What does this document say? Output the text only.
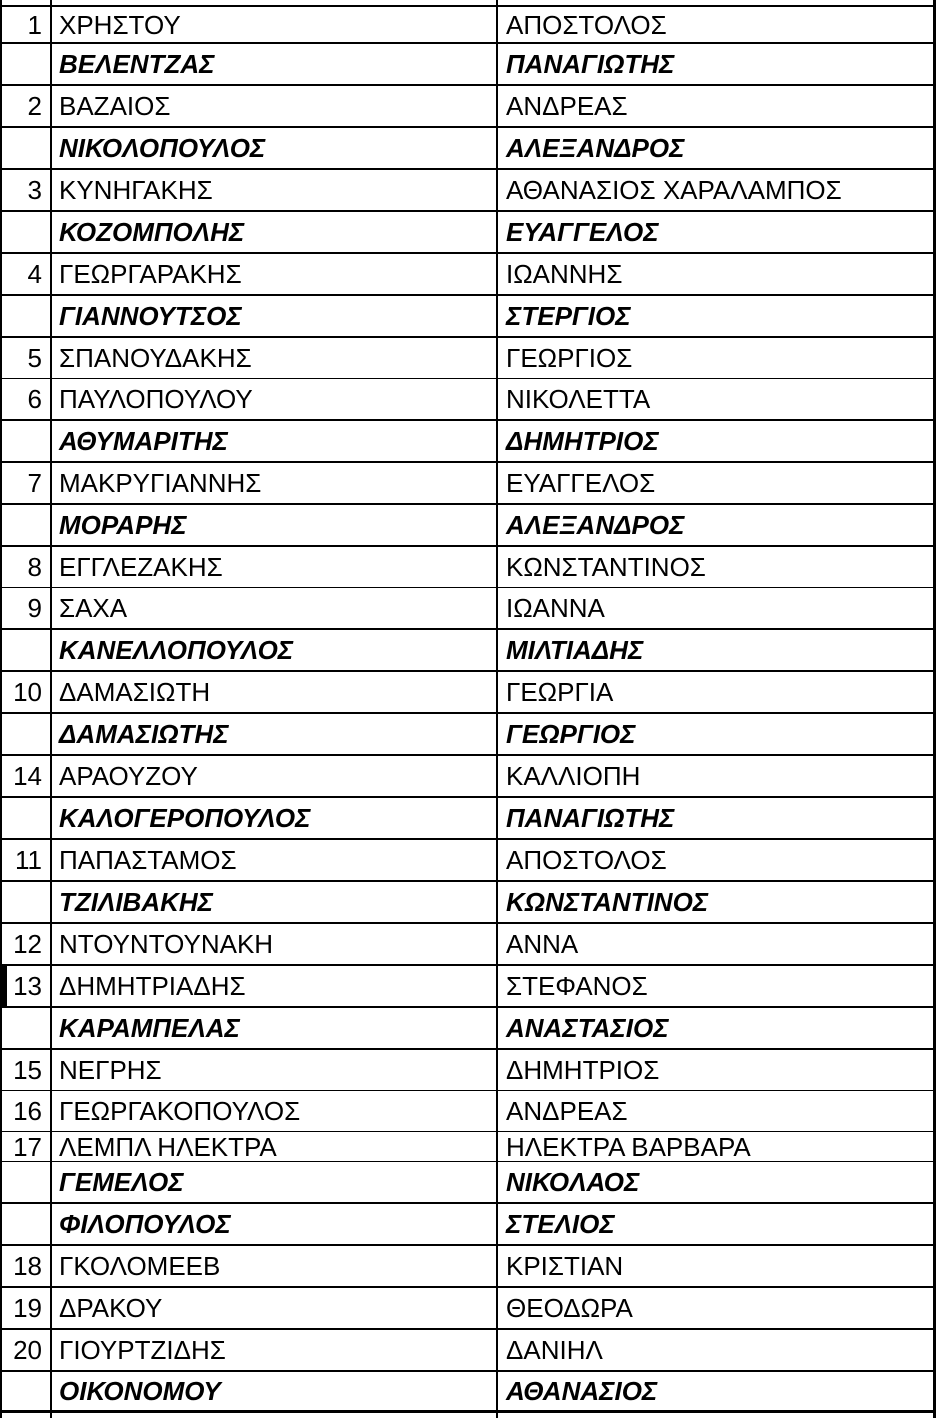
1 ΧΡΗΣΤΟΥ	ΑΠΟΣΤΟΛΟΣ
ΒΕΛΕΝΤΖΑΣ	ΠΑΝΑΓΙΩΤΗΣ
2 ΒΑΖΑΙΟΣ	ΑΝΔΡΕΑΣ
ΝΙΚΟΛΟΠΟΥΛΟΣ	ΑΛΕΞΑΝΔΡΟΣ
3 ΚΥΝΗΓΑΚΗΣ	ΑΘΑΝΑΣΙΟΣ ΧΑΡΑΛΑΜΠΟΣ
ΚΟΖΟΜΠΟΛΗΣ	ΕΥΑΓΓΕΛΟΣ
4 ΓΕΩΡΓΑΡΑΚΗΣ	ΙΩΑΝΝΗΣ
ΓΙΑΝΝΟΥΤΣΟΣ	ΣΤΕΡΓΙΟΣ
5 ΣΠΑΝΟΥΔΑΚΗΣ	ΓΕΩΡΓΙΟΣ
6 ΠΑΥΛΟΠΟΥΛΟΥ	ΝΙΚΟΛΕΤΤΑ
ΑΘΥΜΑΡΙΤΗΣ	ΔΗΜΗΤΡΙΟΣ
7 ΜΑΚΡΥΓΙΑΝΝΗΣ	ΕΥΑΓΓΕΛΟΣ
ΜΟΡΑΡΗΣ	ΑΛΕΞΑΝΔΡΟΣ
8 ΕΓΓΛΕΖΑΚΗΣ	ΚΩΝΣΤΑΝΤΙΝΟΣ
9 ΣΑΧΑ	ΙΩΑΝΝΑ
ΚΑΝΕΛΛΟΠΟΥΛΟΣ	ΜΙΛΤΙΑΔΗΣ
10 ΔΑΜΑΣΙΩΤΗ	ΓΕΩΡΓΙΑ
ΔΑΜΑΣΙΩΤΗΣ	ΓΕΩΡΓΙΟΣ
14 ΑΡΑΟΥΖΟΥ	ΚΑΛΛΙΟΠΗ
ΚΑΛΟΓΕΡΟΠΟΥΛΟΣ	ΠΑΝΑΓΙΩΤΗΣ
11 ΠΑΠΑΣΤΑΜΟΣ	ΑΠΟΣΤΟΛΟΣ
ΤΖΙΛΙΒΑΚΗΣ	ΚΩΝΣΤΑΝΤΙΝΟΣ
12 ΝΤΟΥΝΤΟΥΝΑΚΗ	ΑΝΝΑ
13 ΔΗΜΗΤΡΙΑΔΗΣ	ΣΤΕΦΑΝΟΣ
ΚΑΡΑΜΠΕΛΑΣ	ΑΝΑΣΤΑΣΙΟΣ
15 ΝΕΓΡΗΣ	ΔΗΜΗΤΡΙΟΣ
16 ΓΕΩΡΓΑΚΟΠΟΥΛΟΣ	ΑΝΔΡΕΑΣ
17 ΛΕΜΠΛ ΗΛΕΚΤΡΑ	ΗΛΕΚΤΡΑ ΒΑΡΒΑΡΑ
ΓΕΜΕΛΟΣ	ΝΙΚΟΛΑΟΣ
ΦΙΛΟΠΟΥΛΟΣ	ΣΤΕΛΙΟΣ
18 ΓΚΟΛΟΜΕΕΒ	ΚΡΙΣΤΙΑΝ
19 ΔΡΑΚΟΥ	ΘΕΟΔΩΡΑ
20 ΓΙΟΥΡΤΖΙΔΗΣ	ΔΑΝΙΗΛ
ΟΙΚΟΝΟΜΟΥ	ΑΘΑΝΑΣΙΟΣ
